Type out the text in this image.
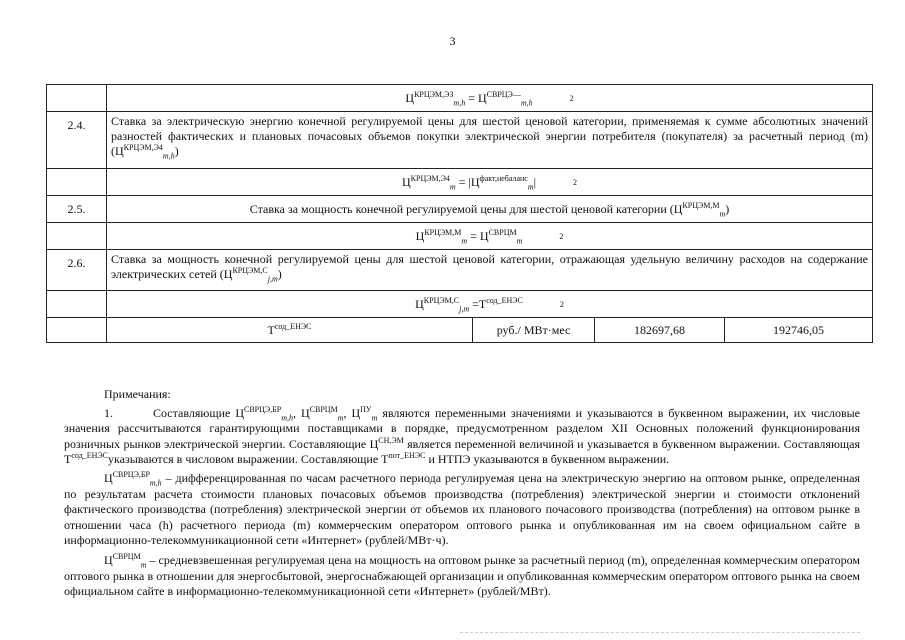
3
	$Ц^{КРЦЭМ,ЭЗ}_{m,h} = Ц^{СВРЦЭ—}_{m,h}$ 2			
2.4.	Ставка за электрическую энергию конечной регулируемой цены для шестой ценовой категории, применяемая к сумме абсолютных значений разностей фактических и плановых почасовых объемов покупки электрической энергии потребителя (покупателя) за расчетный период (m) $(Ц^{КРЦЭМ,Э4}_{m,h})$			
	$Ц^{КРЦЭМ,Э4}_m = |Ц^{факт,небаланс}_m|$ 2			
2.5.	Ставка за мощность конечной регулируемой цены для шестой ценовой категории $(Ц^{КРЦЭМ,М}_m)$			
	$Ц^{КРЦЭМ,М}_m = Ц^{СВРЦМ}_m$ 2			
2.6.	Ставка за мощность конечной регулируемой цены для шестой ценовой категории, отражающая удельную величину расходов на содержание электрических сетей $(Ц^{КРЦЭМ,С}_{j,m})$			
	$Ц^{КРЦЭМ,С}_{j,m} =Т^{сод\_ЕНЭС}$ 2			
	$Т^{сод\_ЕНЭС}$	руб./ МВт·мес	182697,68	192746,05

Примечания:

1.	Составляющие $Ц^{СВРЦЭ,БР}_{m,h}$, $Ц^{СВРЦМ}_m$, $Ц^{ПУ}_m$ являются переменными значениями и указываются в буквенном выражении, их числовые значения рассчитываются гарантирующими поставщиками в порядке, предусмотренном разделом XII Основных положений функционирования розничных рынков электрической энергии. Составляющие $Ц^{СН,ЭМ}$ является переменной величиной и указывается в буквенном выражении. Составляющая $Т^{сод\_ЕНЭС}указываются$ в числовом выражении. Составляющие $Т^{пот\_ЕНЭС}$ и НТПЭ указываются в буквенном выражении.

$Ц^{СВРЦЭ,БР}_{m,h}$ – дифференцированная по часам расчетного периода регулируемая цена на электрическую энергию на оптовом рынке, определенная по результатам расчета стоимости плановых почасовых объемов производства (потребления) электрической энергии и стоимости отклонений фактического производства (потребления) электрической энергии от объемов их планового почасового производства (потребления) на оптовом рынке в отношении часа (h) расчетного периода (m) коммерческим оператором оптового рынка и опубликованная им на своем официальном сайте в информационно-телекоммуникационной сети «Интернет» (рублей/МВт·ч).

$Ц^{СВРЦМ}_m$ – средневзвешенная регулируемая цена на мощность на оптовом рынке за расчетный период (m), определенная коммерческим оператором оптового рынка в отношении для энергосбытовой, энергоснабжающей организации и опубликованная коммерческим оператором оптового рынка на своем официальном сайте в информационно-телекоммуникационной сети «Интернет» (рублей/МВт).
